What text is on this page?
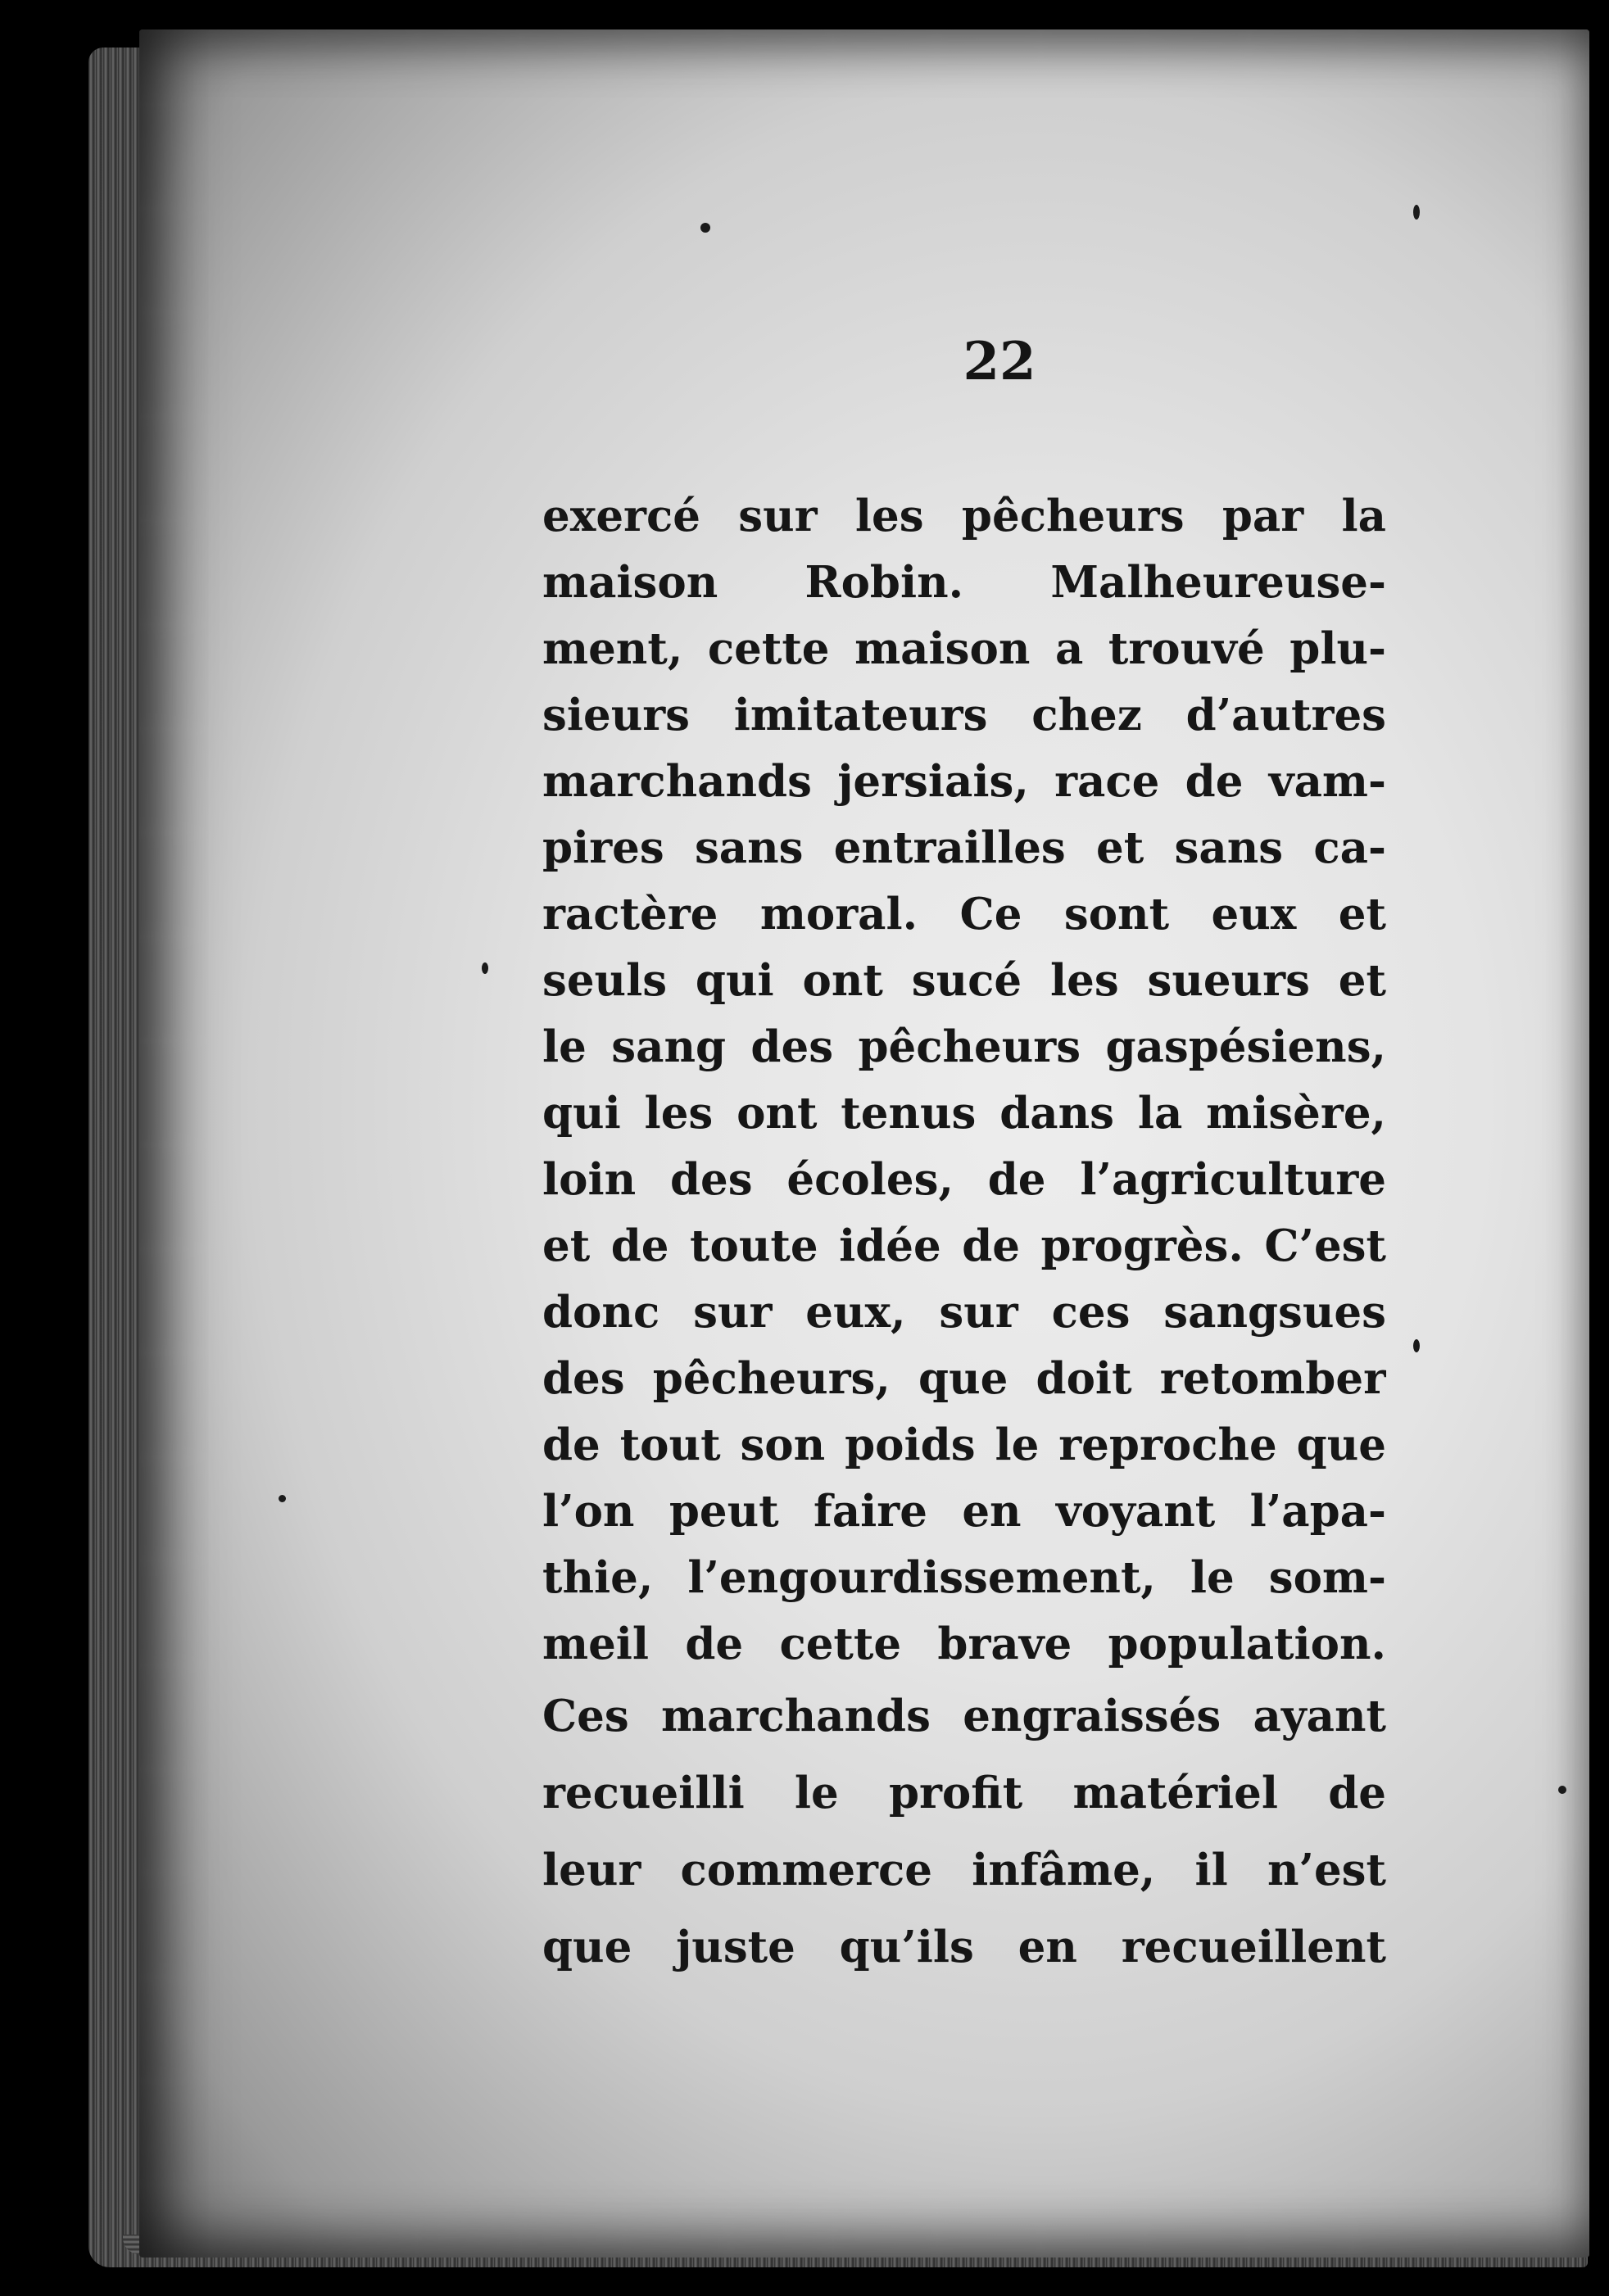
22
exercé sur les pêcheurs par la
maison Robin. Malheureuse-
ment, cette maison a trouvé plu-
sieurs imitateurs chez d’autres
marchands jersiais, race de vam-
pires sans entrailles et sans ca-
ractère moral. Ce sont eux et
seuls qui ont sucé les sueurs et
le sang des pêcheurs gaspésiens,
qui les ont tenus dans la misère,
loin des écoles, de l’agriculture
et de toute idée de progrès. C’est
donc sur eux, sur ces sangsues
des pêcheurs, que doit retomber
de tout son poids le reproche que
l’on peut faire en voyant l’apa-
thie, l’engourdissement, le som-
meil de cette brave population.
Ces marchands engraissés ayant
recueilli le profit matériel de
leur commerce infâme, il n’est
que juste qu’ils en recueillent
